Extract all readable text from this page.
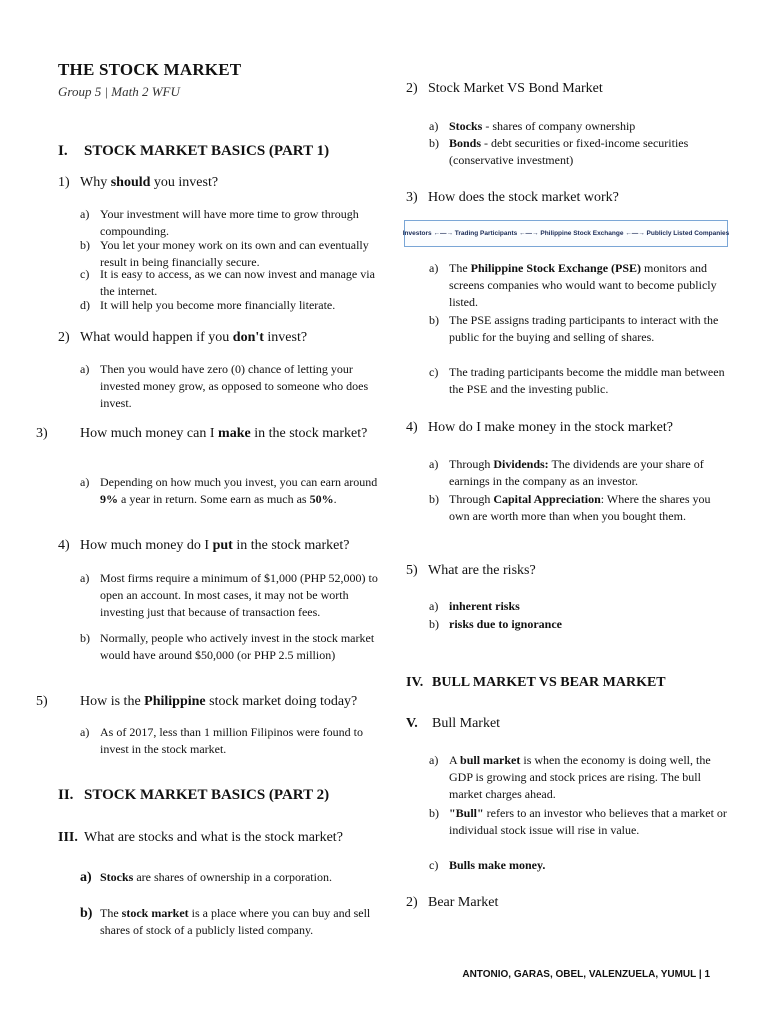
THE STOCK MARKET
Group 5 | Math 2 WFU
I. STOCK MARKET BASICS (PART 1)
1) Why should you invest?
a) Your investment will have more time to grow through compounding.
b) You let your money work on its own and can eventually result in being financially secure.
c) It is easy to access, as we can now invest and manage via the internet.
d) It will help you become more financially literate.
2) What would happen if you don't invest?
a) Then you would have zero (0) chance of letting your invested money grow, as opposed to someone who does invest.
3) How much money can I make in the stock market?
a) Depending on how much you invest, you can earn around 9% a year in return. Some earn as much as 50%.
4) How much money do I put in the stock market?
a) Most firms require a minimum of $1,000 (PHP 52,000) to open an account. In most cases, it may not be worth investing just that because of transaction fees.
b) Normally, people who actively invest in the stock market would have around $50,000 (or PHP 2.5 million)
5) How is the Philippine stock market doing today?
a) As of 2017, less than 1 million Filipinos were found to invest in the stock market.
II. STOCK MARKET BASICS (PART 2)
III. What are stocks and what is the stock market?
a) Stocks are shares of ownership in a corporation.
b) The stock market is a place where you can buy and sell shares of stock of a publicly listed company.
2) Stock Market VS Bond Market
a) Stocks - shares of company ownership
b) Bonds - debt securities or fixed-income securities (conservative investment)
3) How does the stock market work?
Investors ←—→ Trading Participants ←—→ Philippine Stock Exchange ←—→ Publicly Listed Companies
a) The Philippine Stock Exchange (PSE) monitors and screens companies who would want to become publicly listed.
b) The PSE assigns trading participants to interact with the public for the buying and selling of shares.
c) The trading participants become the middle man between the PSE and the investing public.
4) How do I make money in the stock market?
a) Through Dividends: The dividends are your share of earnings in the company as an investor.
b) Through Capital Appreciation: Where the shares you own are worth more than when you bought them.
5) What are the risks?
a) inherent risks
b) risks due to ignorance
IV. BULL MARKET VS BEAR MARKET
V. Bull Market
a) A bull market is when the economy is doing well, the GDP is growing and stock prices are rising. The bull market charges ahead.
b) "Bull" refers to an investor who believes that a market or individual stock issue will rise in value.
c) Bulls make money.
2) Bear Market
ANTONIO, GARAS, OBEL, VALENZUELA, YUMUL | 1
